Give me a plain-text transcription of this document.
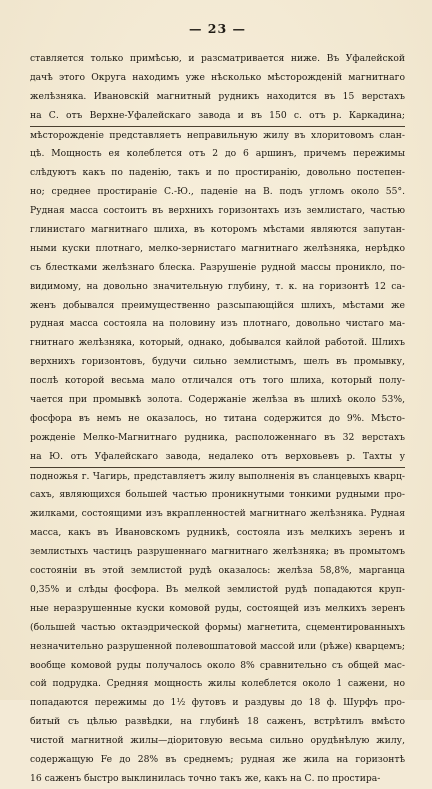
— 23 —
ставляется только примѣсью, и разсматривается ниже. Въ Уфалейской
дачѣ этого Округа находимъ уже нѣсколько мѣсторожденій магнитнаго
желѣзняка. Ивановскій магнитный рудникъ находится въ 15 верстахъ
на С. отъ Верхне-Уфалейскаго завода и въ 150 с. отъ р. Каркадина;
мѣсторожденіе представляетъ неправильную жилу въ хлоритовомъ слан-
цѣ. Мощность ея колеблется отъ 2 до 6 аршинъ, причемъ пережимы
слѣдуютъ какъ по паденію, такъ и по простиранію, довольно постепен-
но; среднее простираніе С.-Ю., паденіе на В. подъ угломъ около 55°.
Рудная масса состоитъ въ верхнихъ горизонтахъ изъ землистаго, частью
глинистаго магнитнаго шлиха, въ которомъ мѣстами являются запутан-
ными куски плотнаго, мелко-зернистаго магнитнаго желѣзняка, нерѣдко
съ блестками желѣзнаго блеска. Разрушеніе рудной массы проникло, по-
видимому, на довольно значительную глубину, т. к. на горизонтѣ 12 са-
женъ добывался преимущественно разсыпающійся шлихъ, мѣстами же
рудная масса состояла на половину изъ плотнаго, довольно чистаго ма-
гнитнаго желѣзняка, который, однако, добывался кайлой работой. Шлихъ
верхнихъ горизонтовъ, будучи сильно землистымъ, шелъ въ промывку,
послѣ которой весьма мало отличался отъ того шлиха, который полу-
чается при промывкѣ золота. Содержаніе желѣза въ шлихѣ около 53%,
фосфора въ немъ не оказалось, но титана содержится до 9%. Мѣсто-
рожденіе Мелко-Магнитнаго рудника, расположеннаго въ 32 верстахъ
на Ю. отъ Уфалейскаго завода, недалеко отъ верховьевъ р. Тахты у
подножья г. Чагирь, представляетъ жилу выполненія въ сланцевыхъ кварц-
сахъ, являющихся большей частью проникнутыми тонкими рудными про-
жилками, состоящими изъ вкрапленностей магнитнаго желѣзняка. Рудная
масса, какъ въ Ивановскомъ рудникѣ, состояла изъ мелкихъ зеренъ и
землистыхъ частицъ разрушеннаго магнитнаго желѣзняка; въ промытомъ
состояніи въ этой землистой рудѣ оказалось: желѣза 58,8%, марганца
0,35% и слѣды фосфора. Въ мелкой землистой рудѣ попадаются круп-
ные неразрушенные куски комовой руды, состоящей изъ мелкихъ зеренъ
(большей частью октаэдрической формы) магнетита, сцементированныхъ
незначительно разрушенной полевошпатовой массой или (рѣже) кварцемъ;
вообще комовой руды получалось около 8% сравнительно съ общей мас-
сой подрудка. Средняя мощность жилы колеблется около 1 сажени, но
попадаются пережимы до 1½ футовъ и раздувы до 18 ф. Шурфъ про-
битый съ цѣлью развѣдки, на глубинѣ 18 саженъ, встрѣтилъ вмѣсто
чистой магнитной жилы—діоритовую весьма сильно орудѣнѣлую жилу,
содержащую Fe до 28% въ среднемъ; рудная же жила на горизонтѣ
16 саженъ быстро выклинилась точно такъ же, какъ на С. по простира-
